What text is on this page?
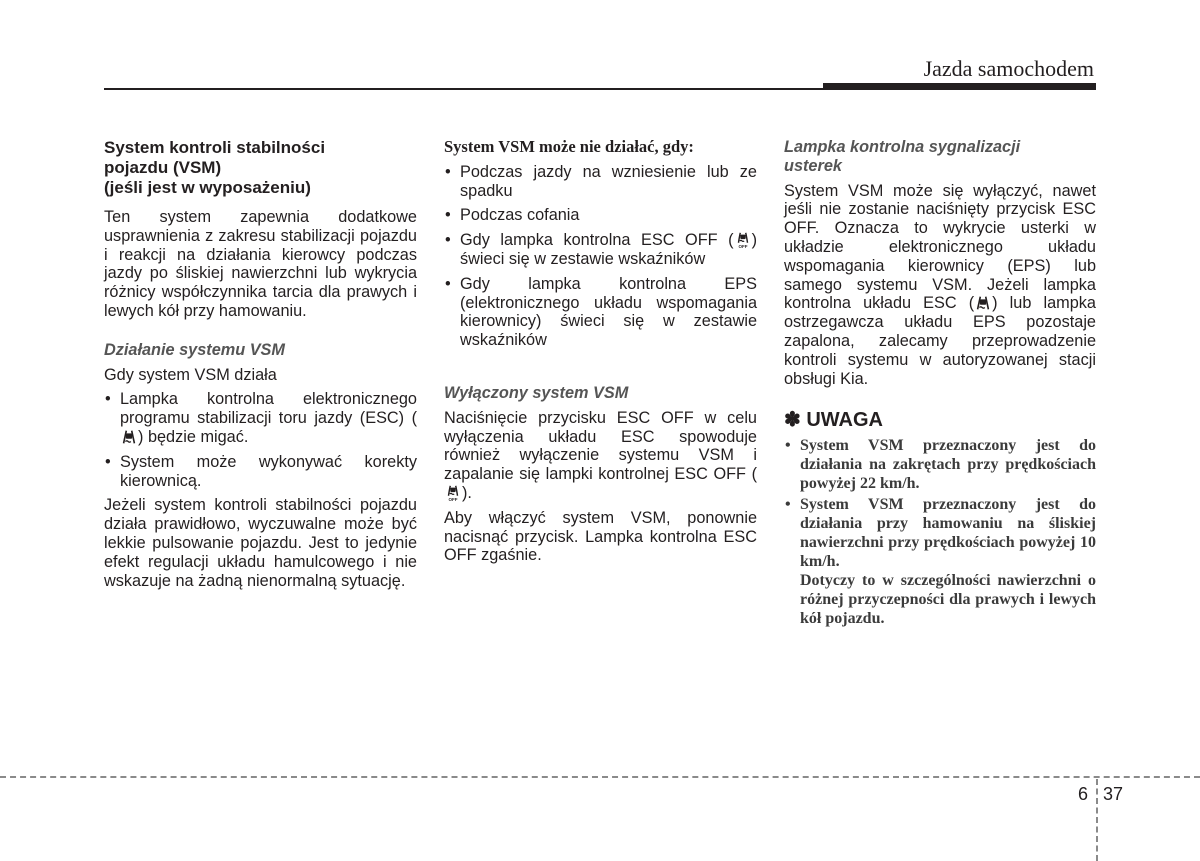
Jazda samochodem
System kontroli stabilności
pojazdu (VSM)
(jeśli jest w wyposażeniu)

Ten system zapewnia dodatkowe usprawnienia z zakresu stabilizacji pojazdu i reakcji na działania kierowcy podczas jazdy po śliskiej nawierzchni lub wykrycia różnicy współczynnika tarcia dla prawych i lewych kół przy hamowaniu.

Działanie systemu VSM

Gdy system VSM działa

• Lampka kontrolna elektronicznego programu stabilizacji toru jazdy (ESC) (
) będzie migać.
• System może wykonywać korekty kierownicą.

Jeżeli system kontroli stabilności pojazdu działa prawidłowo, wyczuwalne może być lekkie pulsowanie pojazdu. Jest to jedynie efekt regulacji układu hamulcowego i nie wskazuje na żadną nienormalną sytuację.

System VSM może nie działać, gdy:

• Podczas jazdy na wzniesienie lub ze spadku
• Podczas cofania
• Gdy lampka kontrolna ESC OFF ( OFF ) świeci się w zestawie wskaźników
• Gdy lampka kontrolna EPS (elektronicznego układu wspomagania kierownicy) świeci się w zestawie wskaźników

Wyłączony system VSM

Naciśnięcie przycisku ESC OFF w celu wyłączenia układu ESC spowoduje również wyłączenie systemu VSM i zapalanie się lampki kontrolnej ESC OFF (
OFF ).

Aby włączyć system VSM, ponownie nacisnąć przycisk. Lampka kontrolna ESC OFF zgaśnie.

Lampka kontrolna sygnalizacji
usterek

System VSM może się wyłączyć, nawet jeśli nie zostanie naciśnięty przycisk ESC OFF. Oznacza to wykrycie usterki w układzie elektronicznego układu wspomagania kierownicy (EPS) lub samego systemu VSM. Jeżeli lampka kontrolna układu ESC ( ) lub lampka ostrzegawcza układu EPS pozostaje zapalona, zalecamy przeprowadzenie kontroli systemu w autoryzowanej stacji obsługi Kia.

✽ UWAGA

• System VSM przeznaczony jest do działania na zakrętach przy prędkościach powyżej 22 km/h.
• System VSM przeznaczony jest do działania przy hamowaniu na śliskiej nawierzchni przy prędkościach powyżej 10 km/h.
Dotyczy to w szczególności nawierzchni o różnej przyczepności dla prawych i lewych kół pojazdu.
6 37
